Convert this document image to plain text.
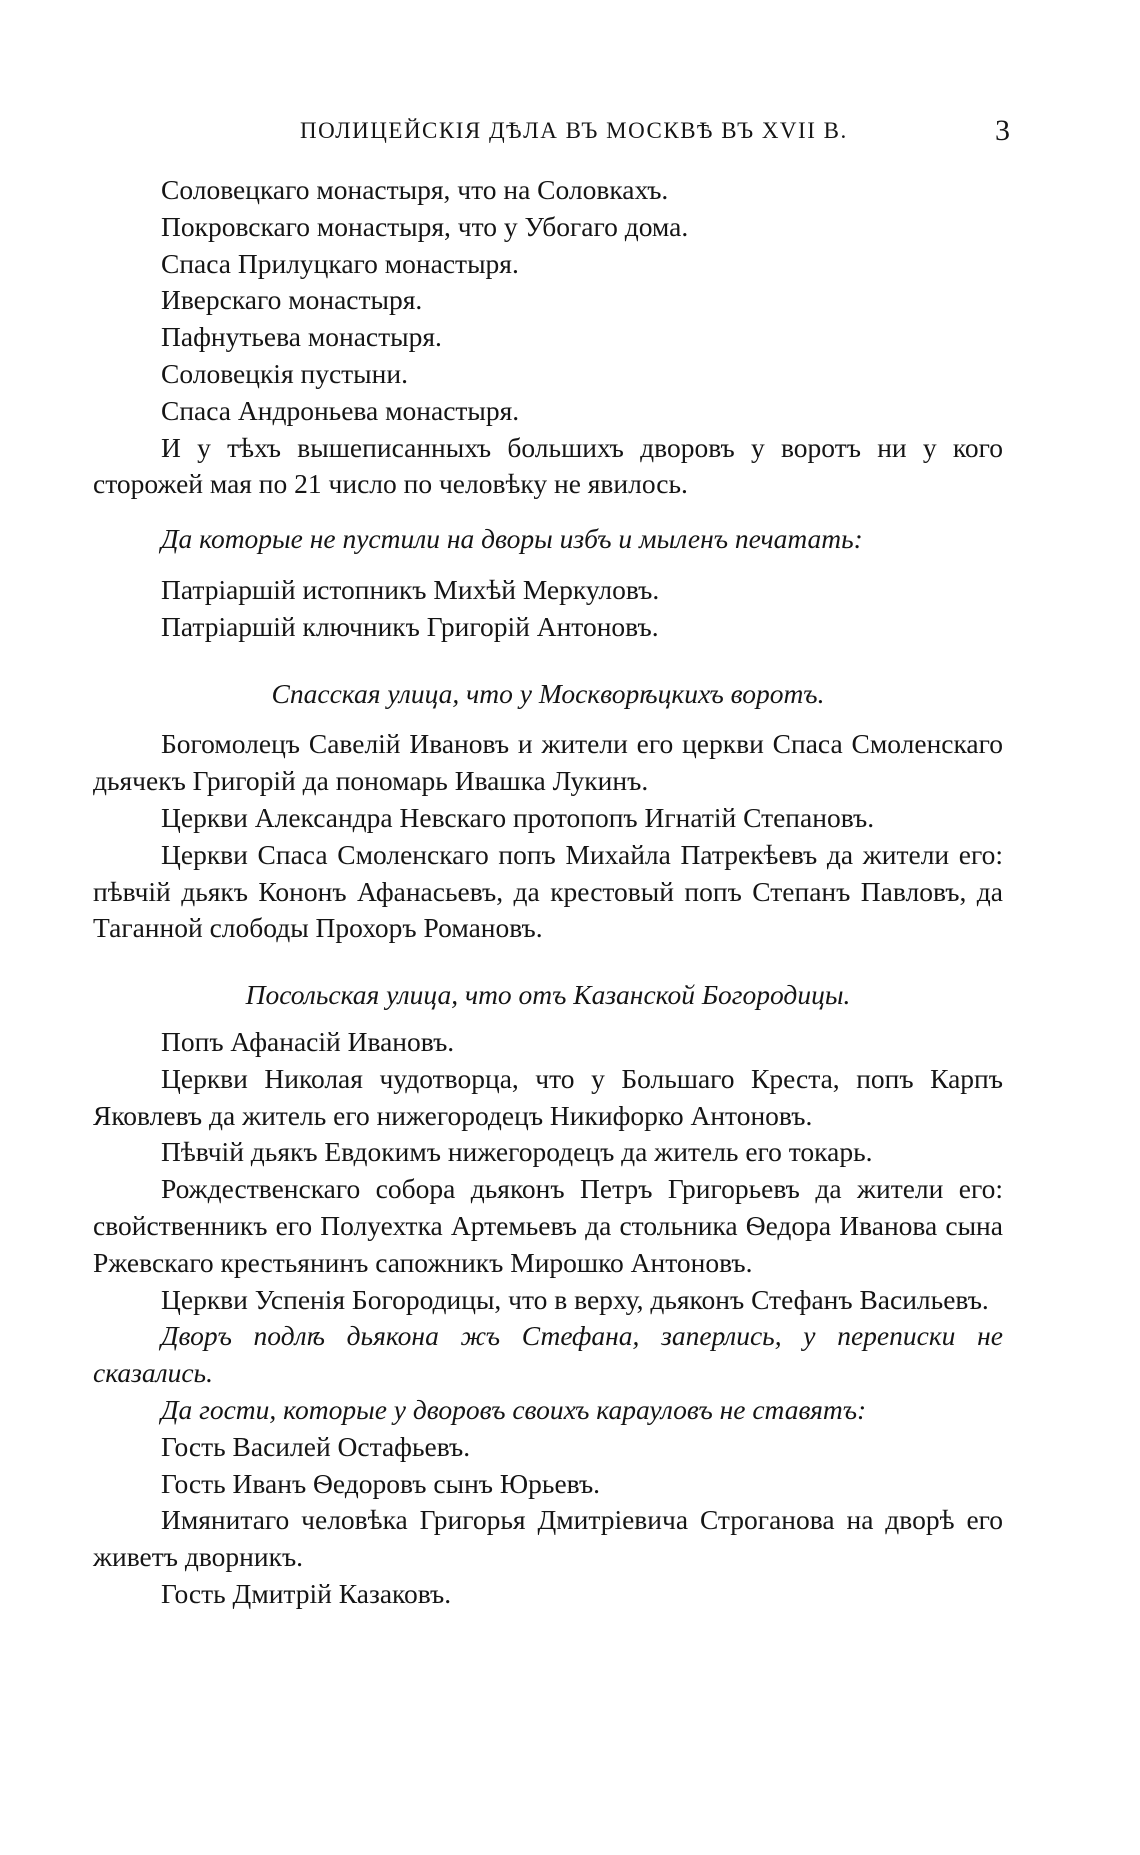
ПОЛИЦЕЙСКІЯ ДѢЛА ВЪ МОСКВѢ ВЪ XVII В.	3

Соловецкаго монастыря, что на Соловкахъ.

Покровскаго монастыря, что у Убогаго дома.

Спаса Прилуцкаго монастыря.

Иверскаго монастыря.

Пафнутьева монастыря.

Соловецкія пустыни.

Спаса Андроньева монастыря.

И у тѣхъ вышеписанныхъ большихъ дворовъ у воротъ ни у кого сторожей мая по 21 число по человѣку не явилось.

Да которые не пустили на дворы избъ и мыленъ печатать:

Патріаршій истопникъ Михѣй Меркуловъ.

Патріаршій ключникъ Григорій Антоновъ.

Спасская улица, что у Москворѣцкихъ воротъ.

Богомолецъ Савелій Ивановъ и жители его церкви Спаса Смоленскаго дьячекъ Григорій да пономарь Ивашка Лукинъ.

Церкви Александра Невскаго протопопъ Игнатій Степановъ.

Церкви Спаса Смоленскаго попъ Михайла Патрекѣевъ да жители его: пѣвчій дьякъ Кононъ Афанасьевъ, да крестовый попъ Степанъ Павловъ, да Таганной слободы Прохоръ Романовъ.

Посольская улица, что отъ Казанской Богородицы.

Попъ Афанасій Ивановъ.

Церкви Николая чудотворца, что у Большаго Креста, попъ Карпъ Яковлевъ да житель его нижегородецъ Никифорко Антоновъ.

Пѣвчій дьякъ Евдокимъ нижегородецъ да житель его токарь.

Рождественскаго собора дьяконъ Петръ Григорьевъ да жители его: свойственникъ его Полуехтка Артемьевъ да стольника Ѳедора Иванова сына Ржевскаго крестьянинъ сапожникъ Мирошко Антоновъ.

Церкви Успенія Богородицы, что в верху, дьяконъ Стефанъ Васильевъ.

Дворъ подлѣ дьякона жъ Стефана, заперлись, у переписки не сказались.

Да гости, которые у дворовъ своихъ карауловъ не ставятъ:

Гость Василей Остафьевъ.

Гость Иванъ Ѳедоровъ сынъ Юрьевъ.

Имянитаго человѣка Григорья Дмитріевича Строганова на дворѣ его живетъ дворникъ.

Гость Дмитрій Казаковъ.
